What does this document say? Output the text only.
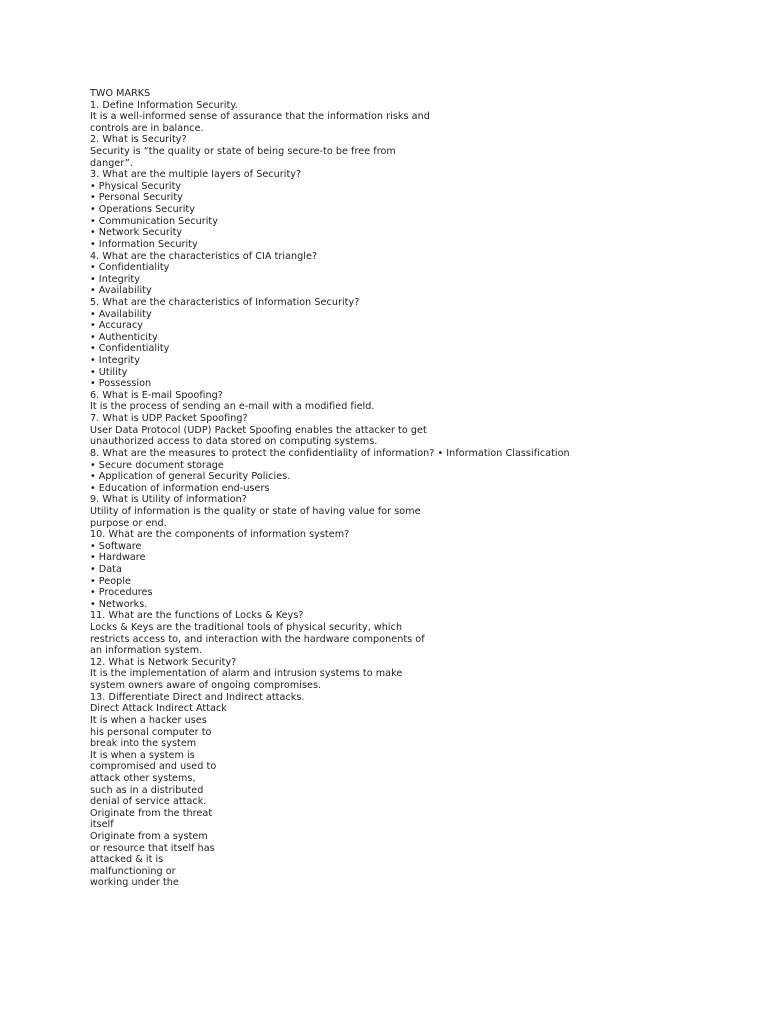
TWO MARKS
1. Define Information Security.
It is a well-informed sense of assurance that the information risks and
controls are in balance.
2. What is Security?
Security is “the quality or state of being secure-to be free from
danger”.
3. What are the multiple layers of Security?
• Physical Security
• Personal Security
• Operations Security
• Communication Security
• Network Security
• Information Security
4. What are the characteristics of CIA triangle?
• Confidentiality
• Integrity
• Availability
5. What are the characteristics of Information Security?
• Availability
• Accuracy
• Authenticity
• Confidentiality
• Integrity
• Utility
• Possession
6. What is E-mail Spoofing?
It is the process of sending an e-mail with a modified field.
7. What is UDP Packet Spoofing?
User Data Protocol (UDP) Packet Spoofing enables the attacker to get
unauthorized access to data stored on computing systems.
8. What are the measures to protect the confidentiality of information? • Information Classification
• Secure document storage
• Application of general Security Policies.
• Education of information end-users
9. What is Utility of information?
Utility of information is the quality or state of having value for some
purpose or end.
10. What are the components of information system?
• Software
• Hardware
• Data
• People
• Procedures
• Networks.
11. What are the functions of Locks & Keys?
Locks & Keys are the traditional tools of physical security, which
restricts access to, and interaction with the hardware components of
an information system.
12. What is Network Security?
It is the implementation of alarm and intrusion systems to make
system owners aware of ongoing compromises.
13. Differentiate Direct and Indirect attacks.
Direct Attack Indirect Attack
It is when a hacker uses
his personal computer to
break into the system
It is when a system is
compromised and used to
attack other systems,
such as in a distributed
denial of service attack.
Originate from the threat
itself
Originate from a system
or resource that itself has
attacked & it is
malfunctioning or
working under the
